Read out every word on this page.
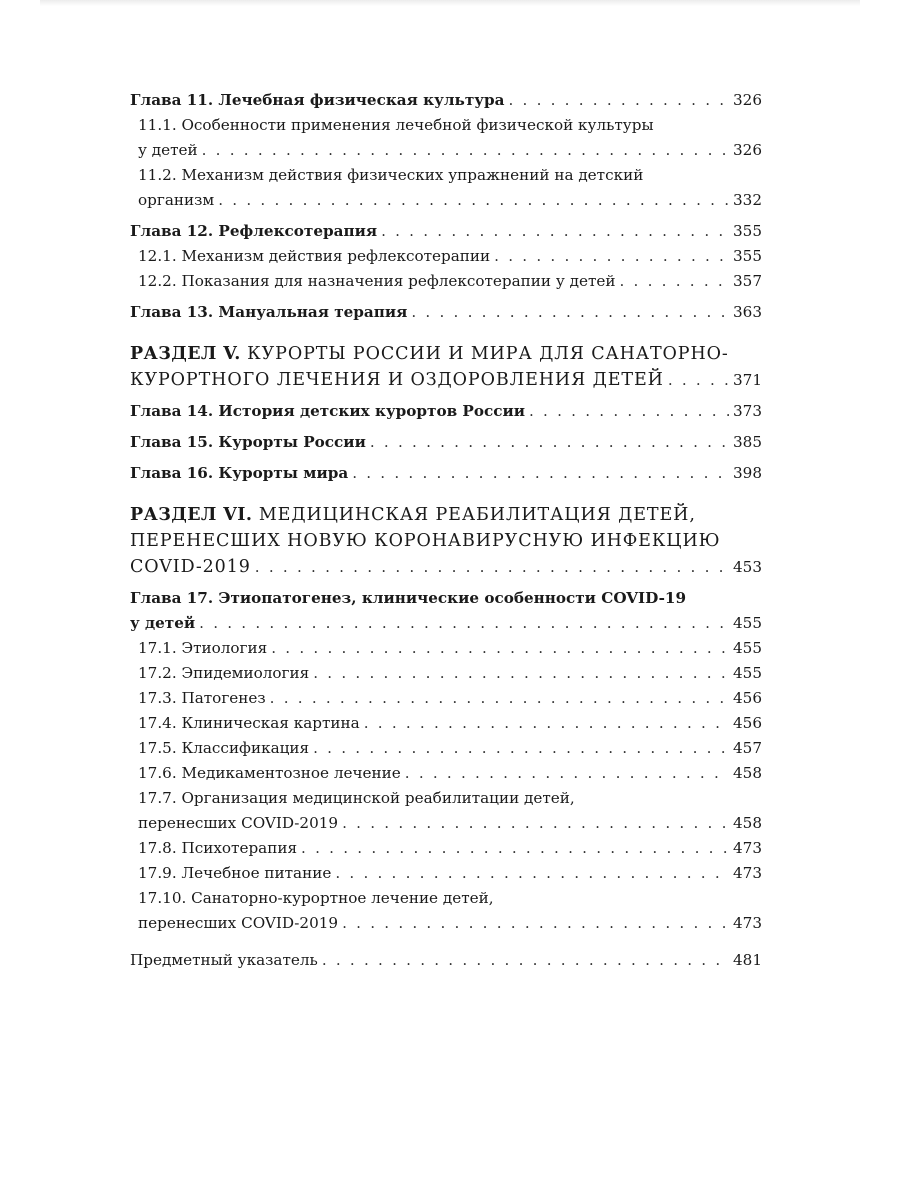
Глава 11. Лечебная физическая культура . . .	326
11.1. Особенности применения лечебной физической культуры
у детей . . .	326
11.2. Механизм действия физических упражнений на детский
организм . . .	332
Глава 12. Рефлексотерапия . . .	355
12.1. Механизм действия рефлексотерапии . . .	355
12.2. Показания для назначения рефлексотерапии у детей . . .	357
Глава 13. Мануальная терапия . . .	363
РАЗДЕЛ V. КУРОРТЫ РОССИИ И МИРА ДЛЯ САНАТОРНО-
КУРОРТНОГО ЛЕЧЕНИЯ И ОЗДОРОВЛЕНИЯ ДЕТЕЙ . . .	371
Глава 14. История детских курортов России . . .	373
Глава 15. Курорты России . . .	385
Глава 16. Курорты мира . . .	398
РАЗДЕЛ VI. МЕДИЦИНСКАЯ РЕАБИЛИТАЦИЯ ДЕТЕЙ,
ПЕРЕНЕСШИХ НОВУЮ КОРОНАВИРУСНУЮ ИНФЕКЦИЮ
COVID-2019 . . .	453
Глава 17. Этиопатогенез, клинические особенности COVID-19
у детей . . .	455
17.1. Этиология . . .	455
17.2. Эпидемиология . . .	455
17.3. Патогенез . . .	456
17.4. Клиническая картина . . .	456
17.5. Классификация . . .	457
17.6. Медикаментозное лечение . . .	458
17.7. Организация медицинской реабилитации детей,
перенесших COVID-2019 . . .	458
17.8. Психотерапия . . .	473
17.9. Лечебное питание . . .	473
17.10. Санаторно-курортное лечение детей,
перенесших COVID-2019 . . .	473
Предметный указатель . . .	481
